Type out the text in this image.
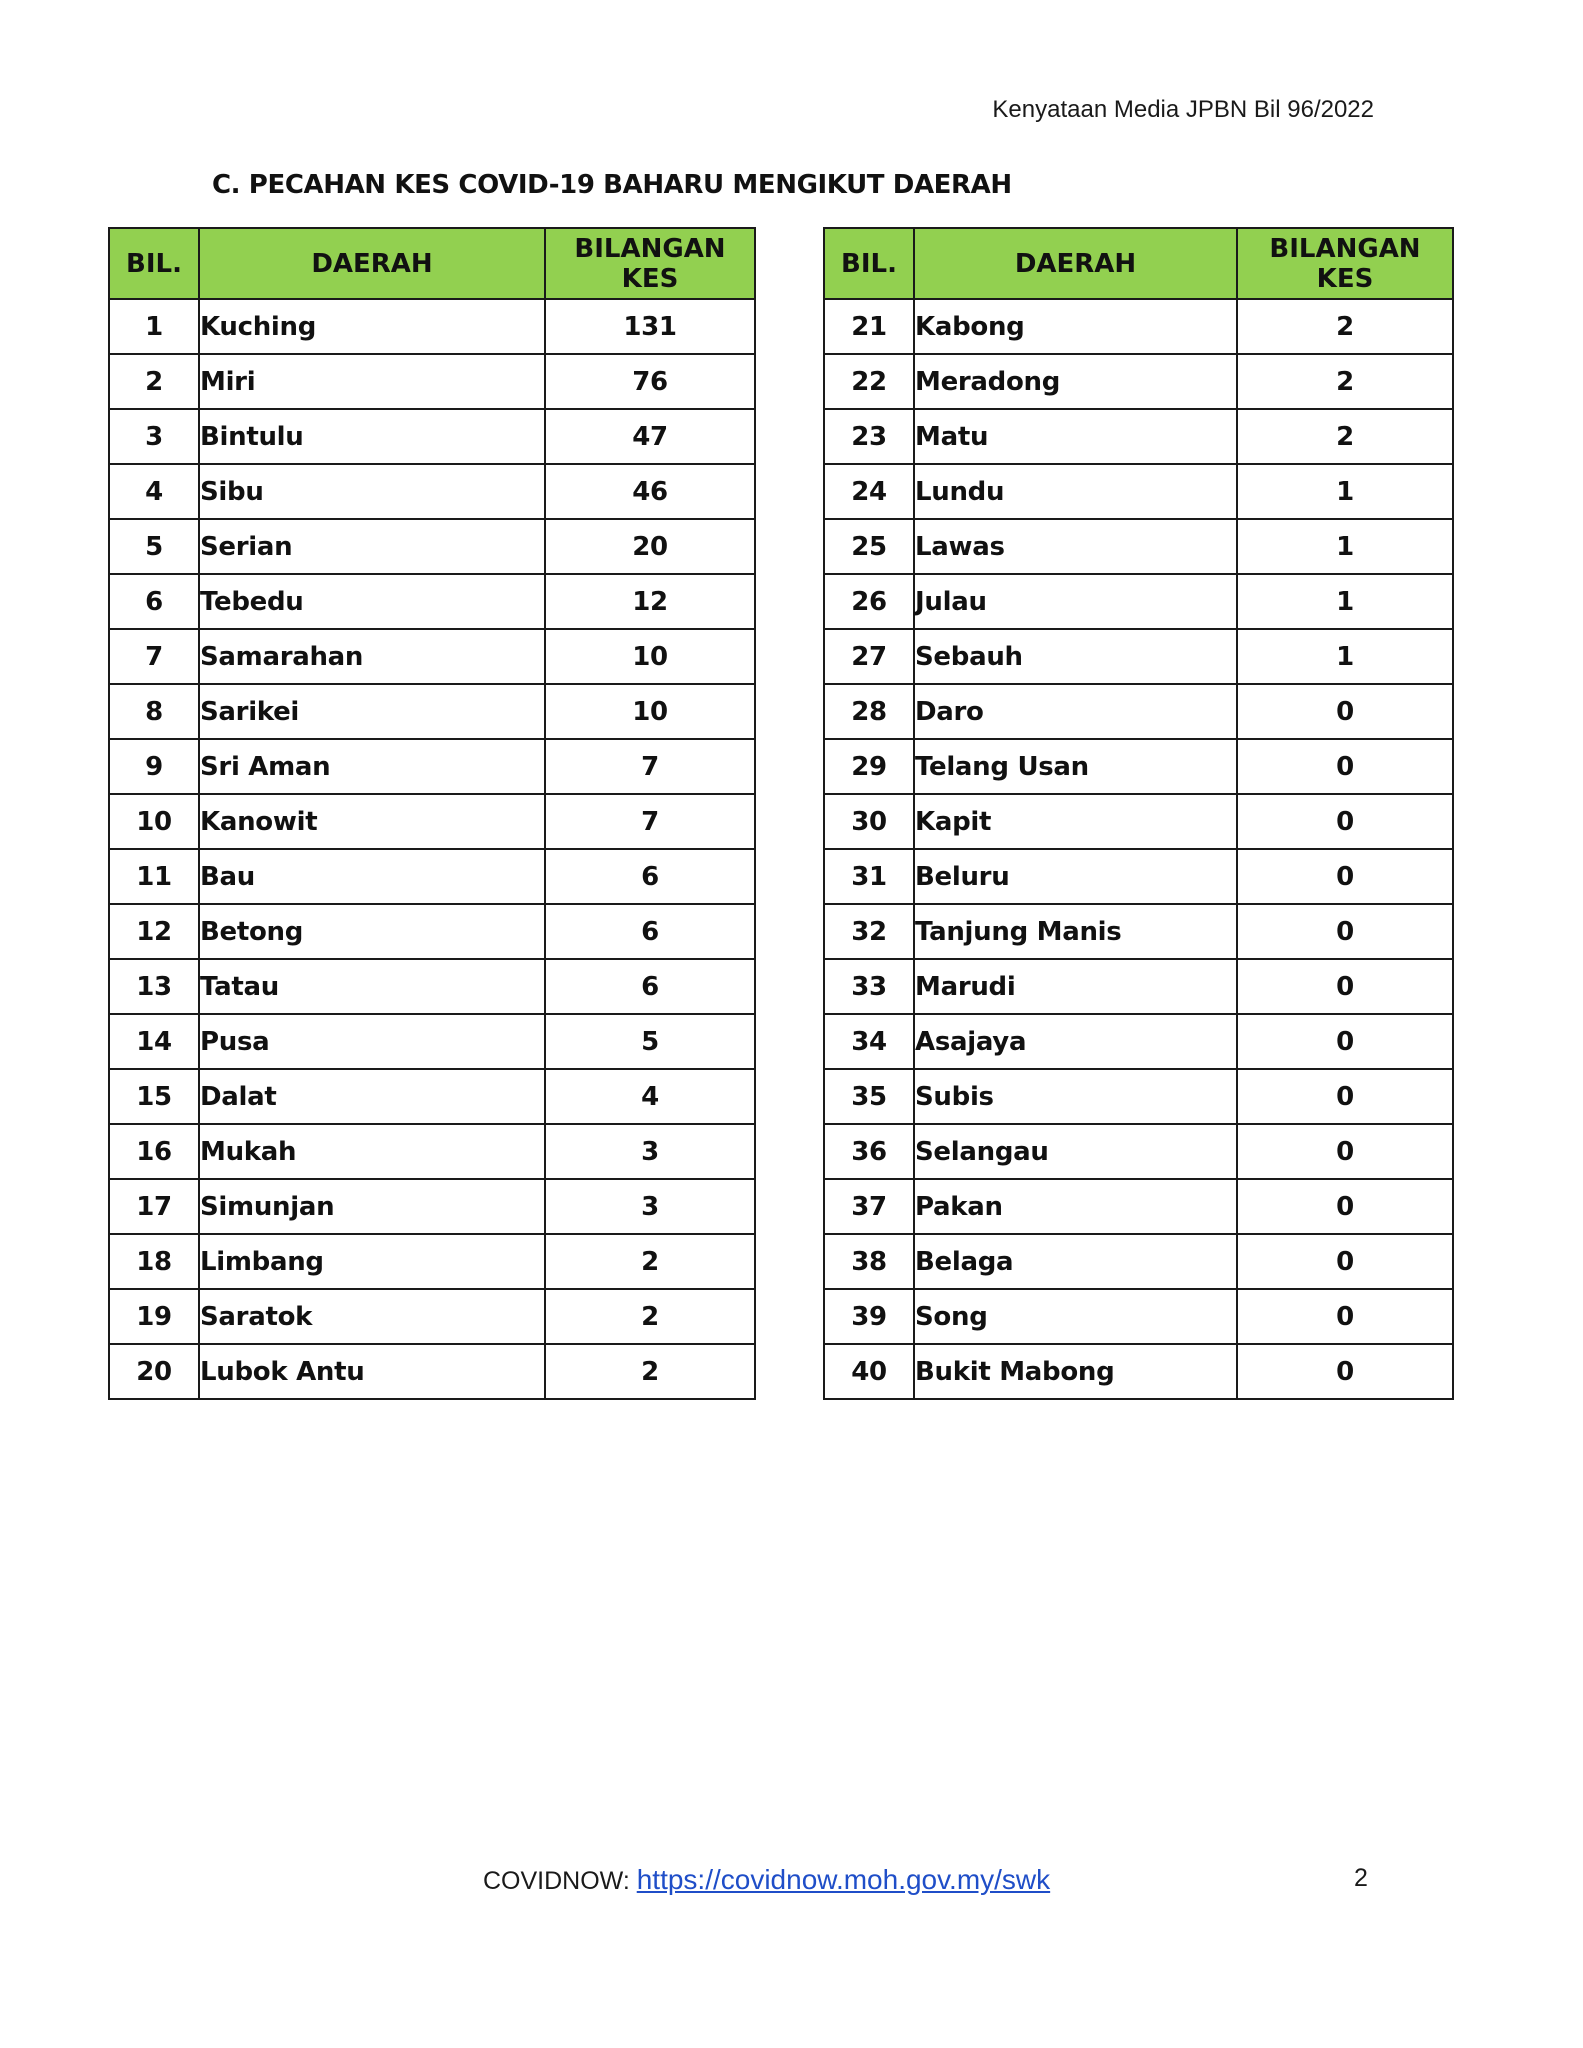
Kenyataan Media JPBN Bil 96/2022
C. PECAHAN KES COVID-19 BAHARU MENGIKUT DAERAH
BIL.	DAERAH	BILANGAN
KES
1	Kuching	131
2	Miri	76
3	Bintulu	47
4	Sibu	46
5	Serian	20
6	Tebedu	12
7	Samarahan	10
8	Sarikei	10
9	Sri Aman	7
10	Kanowit	7
11	Bau	6
12	Betong	6
13	Tatau	6
14	Pusa	5
15	Dalat	4
16	Mukah	3
17	Simunjan	3
18	Limbang	2
19	Saratok	2
20	Lubok Antu	2
BIL.	DAERAH	BILANGAN
KES
21	Kabong	2
22	Meradong	2
23	Matu	2
24	Lundu	1
25	Lawas	1
26	Julau	1
27	Sebauh	1
28	Daro	0
29	Telang Usan	0
30	Kapit	0
31	Beluru	0
32	Tanjung Manis	0
33	Marudi	0
34	Asajaya	0
35	Subis	0
36	Selangau	0
37	Pakan	0
38	Belaga	0
39	Song	0
40	Bukit Mabong	0
COVIDNOW: https://covidnow.moh.gov.my/swk	2
